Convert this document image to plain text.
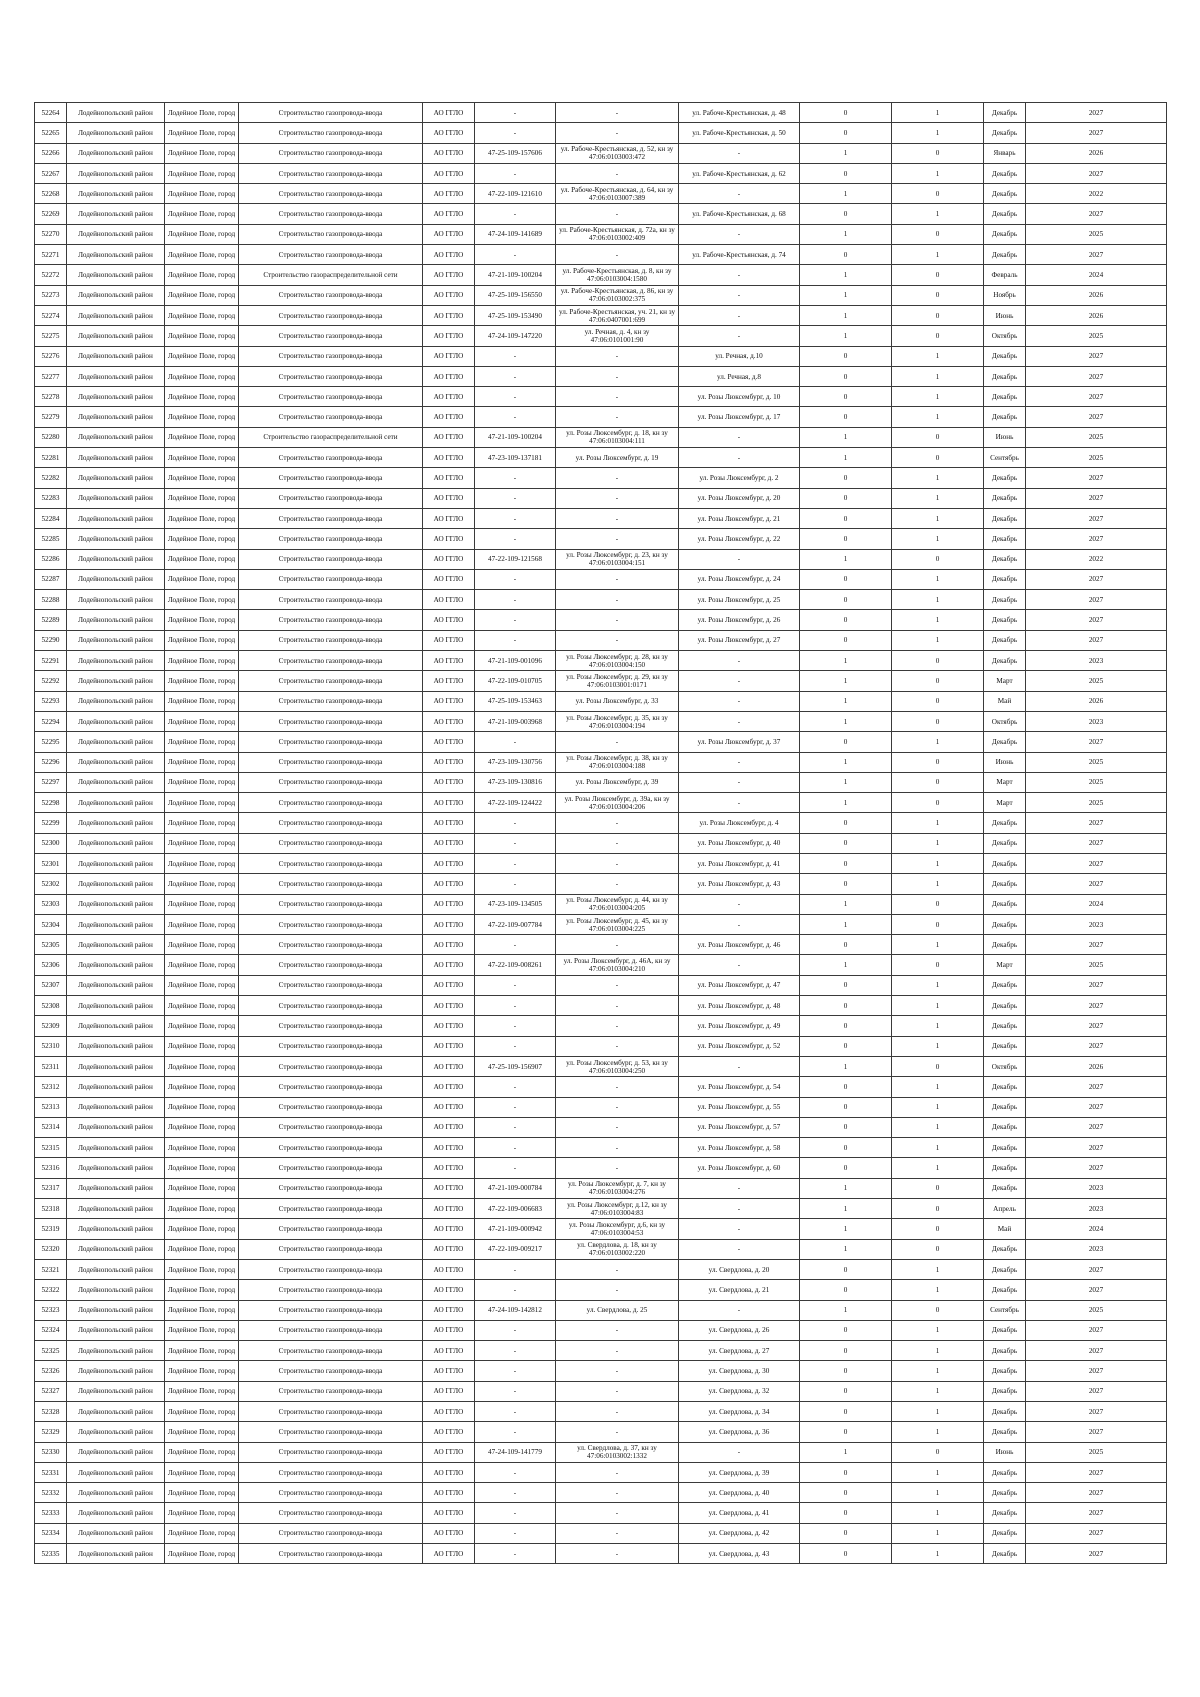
52264	Лодейнопольский район	Лодейное Поле, город	Строительство газопровода-ввода	АО ГГЛО	-	-	ул. Рабоче-Крестьянская, д. 48	0	1	Декабрь	2027
52265	Лодейнопольский район	Лодейное Поле, город	Строительство газопровода-ввода	АО ГГЛО	-	-	ул. Рабоче-Крестьянская, д. 50	0	1	Декабрь	2027
52266	Лодейнопольский район	Лодейное Поле, город	Строительство газопровода-ввода	АО ГГЛО	47-25-109-157606	ул. Рабоче-Крестьянская, д. 52, кн зу 47:06:0103003:472	-	1	0	Январь	2026
52267	Лодейнопольский район	Лодейное Поле, город	Строительство газопровода-ввода	АО ГГЛО	-	-	ул. Рабоче-Крестьянская, д. 62	0	1	Декабрь	2027
52268	Лодейнопольский район	Лодейное Поле, город	Строительство газопровода-ввода	АО ГГЛО	47-22-109-121610	ул. Рабоче-Крестьянская, д. 64, кн зу 47:06:0103007:389	-	1	0	Декабрь	2022
52269	Лодейнопольский район	Лодейное Поле, город	Строительство газопровода-ввода	АО ГГЛО	-	-	ул. Рабоче-Крестьянская, д. 68	0	1	Декабрь	2027
52270	Лодейнопольский район	Лодейное Поле, город	Строительство газопровода-ввода	АО ГГЛО	47-24-109-141689	ул. Рабоче-Крестьянская, д. 72а, кн зу 47:06:0103002:409	-	1	0	Декабрь	2025
52271	Лодейнопольский район	Лодейное Поле, город	Строительство газопровода-ввода	АО ГГЛО	-	-	ул. Рабоче-Крестьянская, д. 74	0	1	Декабрь	2027
52272	Лодейнопольский район	Лодейное Поле, город	Строительство газораспределительной сети	АО ГГЛО	47-21-109-100204	ул. Рабоче-Крестьянская, д. 8, кн зу 47:06:0103004:1580	-	1	0	Февраль	2024
52273	Лодейнопольский район	Лодейное Поле, город	Строительство газопровода-ввода	АО ГГЛО	47-25-109-156550	ул. Рабоче-Крестьянская, д. 86, кн зу 47:06:0103002:375	-	1	0	Ноябрь	2026
52274	Лодейнопольский район	Лодейное Поле, город	Строительство газопровода-ввода	АО ГГЛО	47-25-109-153490	ул. Рабоче-Крестьянская, уч. 21, кн зу 47:06:0407001:699	-	1	0	Июнь	2026
52275	Лодейнопольский район	Лодейное Поле, город	Строительство газопровода-ввода	АО ГГЛО	47-24-109-147220	ул. Речная, д. 4, кн зу 47:06:0101001:90	-	1	0	Октябрь	2025
52276	Лодейнопольский район	Лодейное Поле, город	Строительство газопровода-ввода	АО ГГЛО	-	-	ул. Речная, д.10	0	1	Декабрь	2027
52277	Лодейнопольский район	Лодейное Поле, город	Строительство газопровода-ввода	АО ГГЛО	-	-	ул. Речная, д.8	0	1	Декабрь	2027
52278	Лодейнопольский район	Лодейное Поле, город	Строительство газопровода-ввода	АО ГГЛО	-	-	ул. Розы Люксембург, д. 10	0	1	Декабрь	2027
52279	Лодейнопольский район	Лодейное Поле, город	Строительство газопровода-ввода	АО ГГЛО	-	-	ул. Розы Люксембург, д. 17	0	1	Декабрь	2027
52280	Лодейнопольский район	Лодейное Поле, город	Строительство газораспределительной сети	АО ГГЛО	47-21-109-100204	ул. Розы Люксембург, д. 18, кн зу 47:06:0103004:111	-	1	0	Июнь	2025
52281	Лодейнопольский район	Лодейное Поле, город	Строительство газопровода-ввода	АО ГГЛО	47-23-109-137181	ул. Розы Люксембург, д. 19	-	1	0	Сентябрь	2025
52282	Лодейнопольский район	Лодейное Поле, город	Строительство газопровода-ввода	АО ГГЛО	-	-	ул. Розы Люксембург, д. 2	0	1	Декабрь	2027
52283	Лодейнопольский район	Лодейное Поле, город	Строительство газопровода-ввода	АО ГГЛО	-	-	ул. Розы Люксембург, д. 20	0	1	Декабрь	2027
52284	Лодейнопольский район	Лодейное Поле, город	Строительство газопровода-ввода	АО ГГЛО	-	-	ул. Розы Люксембург, д. 21	0	1	Декабрь	2027
52285	Лодейнопольский район	Лодейное Поле, город	Строительство газопровода-ввода	АО ГГЛО	-	-	ул. Розы Люксембург, д. 22	0	1	Декабрь	2027
52286	Лодейнопольский район	Лодейное Поле, город	Строительство газопровода-ввода	АО ГГЛО	47-22-109-121568	ул. Розы Люксембург, д. 23, кн зу 47:06:0103004:151	-	1	0	Декабрь	2022
52287	Лодейнопольский район	Лодейное Поле, город	Строительство газопровода-ввода	АО ГГЛО	-	-	ул. Розы Люксембург, д. 24	0	1	Декабрь	2027
52288	Лодейнопольский район	Лодейное Поле, город	Строительство газопровода-ввода	АО ГГЛО	-	-	ул. Розы Люксембург, д. 25	0	1	Декабрь	2027
52289	Лодейнопольский район	Лодейное Поле, город	Строительство газопровода-ввода	АО ГГЛО	-	-	ул. Розы Люксембург, д. 26	0	1	Декабрь	2027
52290	Лодейнопольский район	Лодейное Поле, город	Строительство газопровода-ввода	АО ГГЛО	-	-	ул. Розы Люксембург, д. 27	0	1	Декабрь	2027
52291	Лодейнопольский район	Лодейное Поле, город	Строительство газопровода-ввода	АО ГГЛО	47-21-109-001096	ул. Розы Люксембург, д. 28, кн зу 47:06:0103004:150	-	1	0	Декабрь	2023
52292	Лодейнопольский район	Лодейное Поле, город	Строительство газопровода-ввода	АО ГГЛО	47-22-109-010705	ул. Розы Люксембург, д. 29, кн зу 47:06:0103001:0171	-	1	0	Март	2025
52293	Лодейнопольский район	Лодейное Поле, город	Строительство газопровода-ввода	АО ГГЛО	47-25-109-153463	ул. Розы Люксембург, д. 33	-	1	0	Май	2026
52294	Лодейнопольский район	Лодейное Поле, город	Строительство газопровода-ввода	АО ГГЛО	47-21-109-003968	ул. Розы Люксембург, д. 35, кн зу 47:06:0103004:194	-	1	0	Октябрь	2023
52295	Лодейнопольский район	Лодейное Поле, город	Строительство газопровода-ввода	АО ГГЛО	-	-	ул. Розы Люксембург, д. 37	0	1	Декабрь	2027
52296	Лодейнопольский район	Лодейное Поле, город	Строительство газопровода-ввода	АО ГГЛО	47-23-109-130756	ул. Розы Люксембург, д. 38, кн зу 47:06:0103004:188	-	1	0	Июнь	2025
52297	Лодейнопольский район	Лодейное Поле, город	Строительство газопровода-ввода	АО ГГЛО	47-23-109-130816	ул. Розы Люксембург, д. 39	-	1	0	Март	2025
52298	Лодейнопольский район	Лодейное Поле, город	Строительство газопровода-ввода	АО ГГЛО	47-22-109-124422	ул. Розы Люксембург, д. 39а, кн зу 47:06:0103004:206	-	1	0	Март	2025
52299	Лодейнопольский район	Лодейное Поле, город	Строительство газопровода-ввода	АО ГГЛО	-	-	ул. Розы Люксембург, д. 4	0	1	Декабрь	2027
52300	Лодейнопольский район	Лодейное Поле, город	Строительство газопровода-ввода	АО ГГЛО	-	-	ул. Розы Люксембург, д. 40	0	1	Декабрь	2027
52301	Лодейнопольский район	Лодейное Поле, город	Строительство газопровода-ввода	АО ГГЛО	-	-	ул. Розы Люксембург, д. 41	0	1	Декабрь	2027
52302	Лодейнопольский район	Лодейное Поле, город	Строительство газопровода-ввода	АО ГГЛО	-	-	ул. Розы Люксембург, д. 43	0	1	Декабрь	2027
52303	Лодейнопольский район	Лодейное Поле, город	Строительство газопровода-ввода	АО ГГЛО	47-23-109-134505	ул. Розы Люксембург, д. 44, кн зу 47:06:0103004:205	-	1	0	Декабрь	2024
52304	Лодейнопольский район	Лодейное Поле, город	Строительство газопровода-ввода	АО ГГЛО	47-22-109-007784	ул. Розы Люксембург, д. 45, кн зу 47:06:0103004:225	-	1	0	Декабрь	2023
52305	Лодейнопольский район	Лодейное Поле, город	Строительство газопровода-ввода	АО ГГЛО	-	-	ул. Розы Люксембург, д. 46	0	1	Декабрь	2027
52306	Лодейнопольский район	Лодейное Поле, город	Строительство газопровода-ввода	АО ГГЛО	47-22-109-008261	ул. Розы Люксембург, д. 46А, кн зу 47:06:0103004:210	-	1	0	Март	2025
52307	Лодейнопольский район	Лодейное Поле, город	Строительство газопровода-ввода	АО ГГЛО	-	-	ул. Розы Люксембург, д. 47	0	1	Декабрь	2027
52308	Лодейнопольский район	Лодейное Поле, город	Строительство газопровода-ввода	АО ГГЛО	-	-	ул. Розы Люксембург, д. 48	0	1	Декабрь	2027
52309	Лодейнопольский район	Лодейное Поле, город	Строительство газопровода-ввода	АО ГГЛО	-	-	ул. Розы Люксембург, д. 49	0	1	Декабрь	2027
52310	Лодейнопольский район	Лодейное Поле, город	Строительство газопровода-ввода	АО ГГЛО	-	-	ул. Розы Люксембург, д. 52	0	1	Декабрь	2027
52311	Лодейнопольский район	Лодейное Поле, город	Строительство газопровода-ввода	АО ГГЛО	47-25-109-156907	ул. Розы Люксембург, д. 53, кн зу 47:06:0103004:250	-	1	0	Октябрь	2026
52312	Лодейнопольский район	Лодейное Поле, город	Строительство газопровода-ввода	АО ГГЛО	-	-	ул. Розы Люксембург, д. 54	0	1	Декабрь	2027
52313	Лодейнопольский район	Лодейное Поле, город	Строительство газопровода-ввода	АО ГГЛО	-	-	ул. Розы Люксембург, д. 55	0	1	Декабрь	2027
52314	Лодейнопольский район	Лодейное Поле, город	Строительство газопровода-ввода	АО ГГЛО	-	-	ул. Розы Люксембург, д. 57	0	1	Декабрь	2027
52315	Лодейнопольский район	Лодейное Поле, город	Строительство газопровода-ввода	АО ГГЛО	-	-	ул. Розы Люксембург, д. 58	0	1	Декабрь	2027
52316	Лодейнопольский район	Лодейное Поле, город	Строительство газопровода-ввода	АО ГГЛО	-	-	ул. Розы Люксембург, д. 60	0	1	Декабрь	2027
52317	Лодейнопольский район	Лодейное Поле, город	Строительство газопровода-ввода	АО ГГЛО	47-21-109-000784	ул. Розы Люксембург, д. 7, кн зу 47:06:0103004:276	-	1	0	Декабрь	2023
52318	Лодейнопольский район	Лодейное Поле, город	Строительство газопровода-ввода	АО ГГЛО	47-22-109-006683	ул. Розы Люксембург, д.12, кн зу 47:06:0103004:83	-	1	0	Апрель	2023
52319	Лодейнопольский район	Лодейное Поле, город	Строительство газопровода-ввода	АО ГГЛО	47-21-109-000942	ул. Розы Люксембург, д.6, кн зу 47:06:0103004:53	-	1	0	Май	2024
52320	Лодейнопольский район	Лодейное Поле, город	Строительство газопровода-ввода	АО ГГЛО	47-22-109-009217	ул. Свердлова, д. 18, кн зу 47:06:0103002:220	-	1	0	Декабрь	2023
52321	Лодейнопольский район	Лодейное Поле, город	Строительство газопровода-ввода	АО ГГЛО	-	-	ул. Свердлова, д. 20	0	1	Декабрь	2027
52322	Лодейнопольский район	Лодейное Поле, город	Строительство газопровода-ввода	АО ГГЛО	-	-	ул. Свердлова, д. 21	0	1	Декабрь	2027
52323	Лодейнопольский район	Лодейное Поле, город	Строительство газопровода-ввода	АО ГГЛО	47-24-109-142812	ул. Свердлова, д. 25	-	1	0	Сентябрь	2025
52324	Лодейнопольский район	Лодейное Поле, город	Строительство газопровода-ввода	АО ГГЛО	-	-	ул. Свердлова, д. 26	0	1	Декабрь	2027
52325	Лодейнопольский район	Лодейное Поле, город	Строительство газопровода-ввода	АО ГГЛО	-	-	ул. Свердлова, д. 27	0	1	Декабрь	2027
52326	Лодейнопольский район	Лодейное Поле, город	Строительство газопровода-ввода	АО ГГЛО	-	-	ул. Свердлова, д. 30	0	1	Декабрь	2027
52327	Лодейнопольский район	Лодейное Поле, город	Строительство газопровода-ввода	АО ГГЛО	-	-	ул. Свердлова, д. 32	0	1	Декабрь	2027
52328	Лодейнопольский район	Лодейное Поле, город	Строительство газопровода-ввода	АО ГГЛО	-	-	ул. Свердлова, д. 34	0	1	Декабрь	2027
52329	Лодейнопольский район	Лодейное Поле, город	Строительство газопровода-ввода	АО ГГЛО	-	-	ул. Свердлова, д. 36	0	1	Декабрь	2027
52330	Лодейнопольский район	Лодейное Поле, город	Строительство газопровода-ввода	АО ГГЛО	47-24-109-141779	ул. Свердлова, д. 37, кн зу 47:06:0103002:1332	-	1	0	Июнь	2025
52331	Лодейнопольский район	Лодейное Поле, город	Строительство газопровода-ввода	АО ГГЛО	-	-	ул. Свердлова, д. 39	0	1	Декабрь	2027
52332	Лодейнопольский район	Лодейное Поле, город	Строительство газопровода-ввода	АО ГГЛО	-	-	ул. Свердлова, д. 40	0	1	Декабрь	2027
52333	Лодейнопольский район	Лодейное Поле, город	Строительство газопровода-ввода	АО ГГЛО	-	-	ул. Свердлова, д. 41	0	1	Декабрь	2027
52334	Лодейнопольский район	Лодейное Поле, город	Строительство газопровода-ввода	АО ГГЛО	-	-	ул. Свердлова, д. 42	0	1	Декабрь	2027
52335	Лодейнопольский район	Лодейное Поле, город	Строительство газопровода-ввода	АО ГГЛО	-	-	ул. Свердлова, д. 43	0	1	Декабрь	2027
